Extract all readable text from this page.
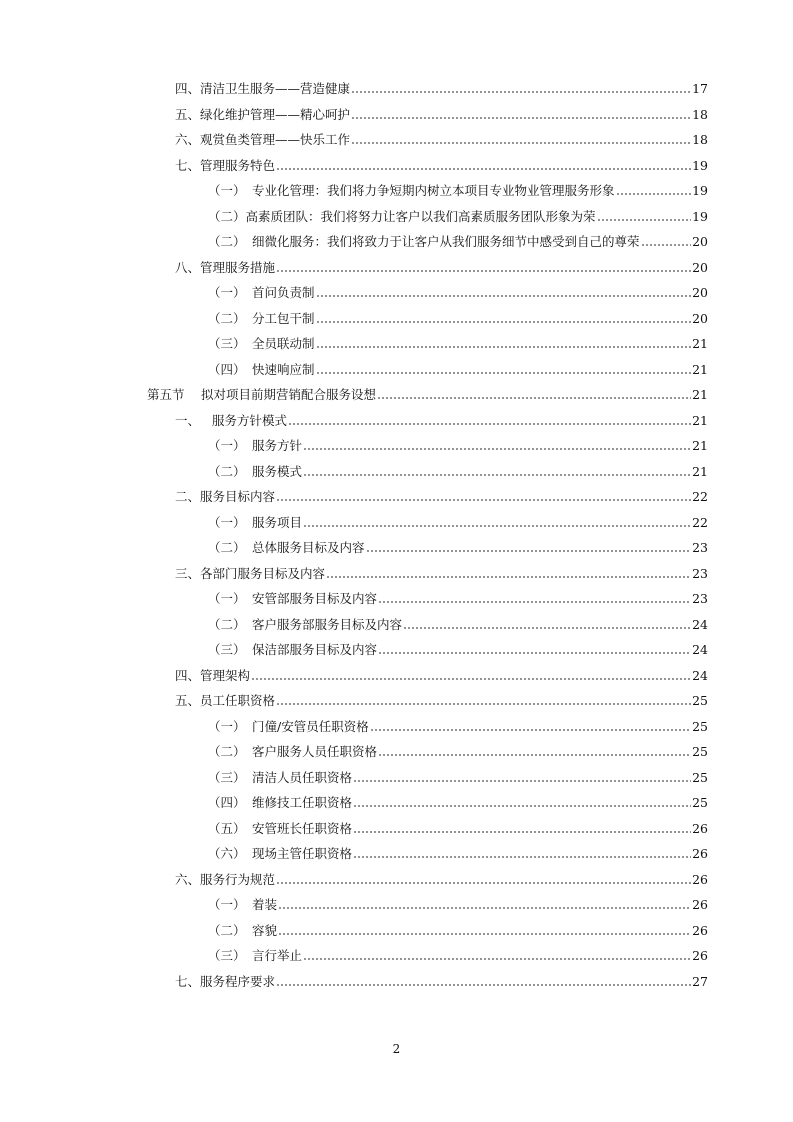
四、清洁卫生服务——营造健康	17
五、绿化维护管理——精心呵护	18
六、观赏鱼类管理——快乐工作	18
七、管理服务特色	19
（一） 专业化管理：我们将力争短期内树立本项目专业物业管理服务形象	19
（二）高素质团队：我们将努力让客户以我们高素质服务团队形象为荣	19
（二） 细微化服务：我们将致力于让客户从我们服务细节中感受到自己的尊荣	20
八、管理服务措施	20
（一） 首问负责制	20
（二） 分工包干制	20
（三） 全员联动制	21
（四） 快速响应制	21
第五节	拟对项目前期营销配合服务设想	21
一、 服务方针模式	21
（一） 服务方针	21
（二） 服务模式	21
二、服务目标内容	22
（一） 服务项目	22
（二） 总体服务目标及内容	23
三、各部门服务目标及内容	23
（一） 安管部服务目标及内容	23
（二） 客户服务部服务目标及内容	24
（三） 保洁部服务目标及内容	24
四、管理架构	24
五、员工任职资格	25
（一） 门僮/安管员任职资格	25
（二） 客户服务人员任职资格	25
（三） 清洁人员任职资格	25
（四） 维修技工任职资格	25
（五） 安管班长任职资格	26
（六） 现场主管任职资格	26
六、服务行为规范	26
（一） 着装	26
（二） 容貌	26
（三） 言行举止	26
七、服务程序要求	27
2
